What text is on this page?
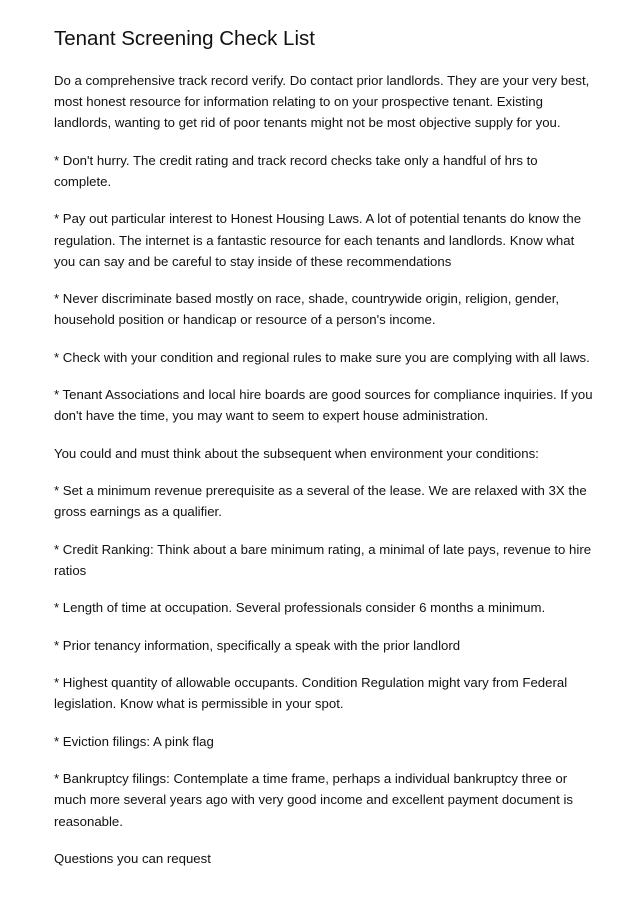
Tenant Screening Check List

Do a comprehensive track record verify. Do contact prior landlords. They are your very best, most honest resource for information relating to on your prospective tenant. Existing landlords, wanting to get rid of poor tenants might not be most objective supply for you.

* Don't hurry. The credit rating and track record checks take only a handful of hrs to complete.

* Pay out particular interest to Honest Housing Laws. A lot of potential tenants do know the regulation. The internet is a fantastic resource for each tenants and landlords. Know what you can say and be careful to stay inside of these recommendations

* Never discriminate based mostly on race, shade, countrywide origin, religion, gender, household position or handicap or resource of a person's income.

* Check with your condition and regional rules to make sure you are complying with all laws.

* Tenant Associations and local hire boards are good sources for compliance inquiries. If you don't have the time, you may want to seem to expert house administration.

You could and must think about the subsequent when environment your conditions:

* Set a minimum revenue prerequisite as a several of the lease. We are relaxed with 3X the gross earnings as a qualifier.

* Credit Ranking: Think about a bare minimum rating, a minimal of late pays, revenue to hire ratios

* Length of time at occupation. Several professionals consider 6 months a minimum.

* Prior tenancy information, specifically a speak with the prior landlord

* Highest quantity of allowable occupants. Condition Regulation might vary from Federal legislation. Know what is permissible in your spot.

* Eviction filings: A pink flag

* Bankruptcy filings: Contemplate a time frame, perhaps a individual bankruptcy three or much more several years ago with very good income and excellent payment document is reasonable.

Questions you can request
